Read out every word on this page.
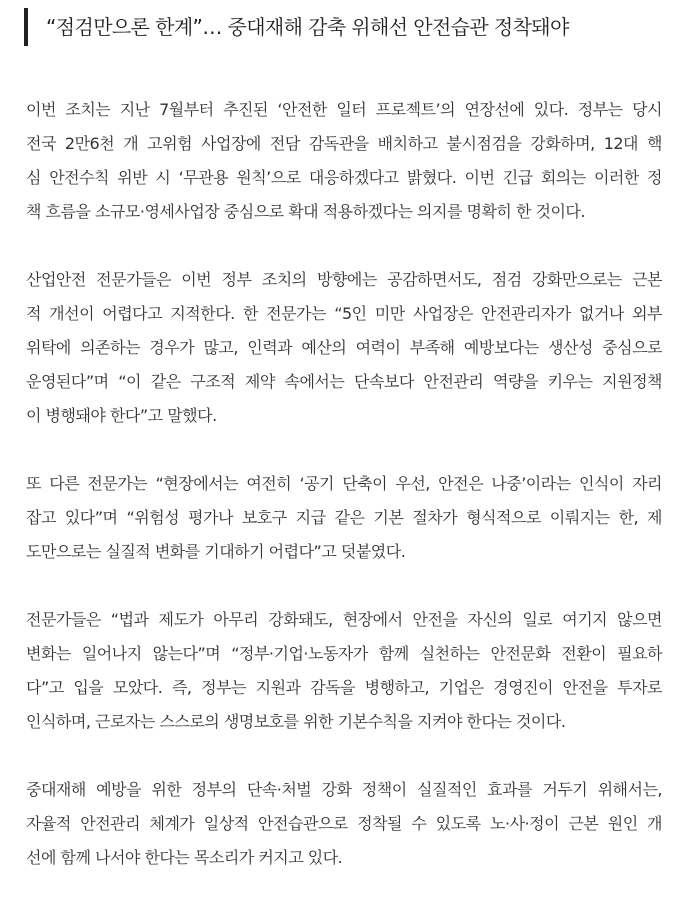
“점검만으론 한계”… 중대재해 감축 위해선 안전습관 정착돼야

이번 조치는 지난 7월부터 추진된 ‘안전한 일터 프로젝트’의 연장선에 있다. 정부는 당시
전국 2만6천 개 고위험 사업장에 전담 감독관을 배치하고 불시점검을 강화하며, 12대 핵
심 안전수칙 위반 시 ‘무관용 원칙’으로 대응하겠다고 밝혔다. 이번 긴급 회의는 이러한 정
책 흐름을 소규모·영세사업장 중심으로 확대 적용하겠다는 의지를 명확히 한 것이다.

산업안전 전문가들은 이번 정부 조치의 방향에는 공감하면서도, 점검 강화만으로는 근본
적 개선이 어렵다고 지적한다. 한 전문가는 “5인 미만 사업장은 안전관리자가 없거나 외부
위탁에 의존하는 경우가 많고, 인력과 예산의 여력이 부족해 예방보다는 생산성 중심으로
운영된다”며 “이 같은 구조적 제약 속에서는 단속보다 안전관리 역량을 키우는 지원정책
이 병행돼야 한다”고 말했다.

또 다른 전문가는 “현장에서는 여전히 ‘공기 단축이 우선, 안전은 나중’이라는 인식이 자리
잡고 있다”며 “위험성 평가나 보호구 지급 같은 기본 절차가 형식적으로 이뤄지는 한, 제
도만으로는 실질적 변화를 기대하기 어렵다”고 덧붙였다.

전문가들은 “법과 제도가 아무리 강화돼도, 현장에서 안전을 자신의 일로 여기지 않으면
변화는 일어나지 않는다”며 “정부·기업·노동자가 함께 실천하는 안전문화 전환이 필요하
다”고 입을 모았다. 즉, 정부는 지원과 감독을 병행하고, 기업은 경영진이 안전을 투자로
인식하며, 근로자는 스스로의 생명보호를 위한 기본수칙을 지켜야 한다는 것이다.

중대재해 예방을 위한 정부의 단속·처벌 강화 정책이 실질적인 효과를 거두기 위해서는,
자율적 안전관리 체계가 일상적 안전습관으로 정착될 수 있도록 노·사·정이 근본 원인 개
선에 함께 나서야 한다는 목소리가 커지고 있다.
